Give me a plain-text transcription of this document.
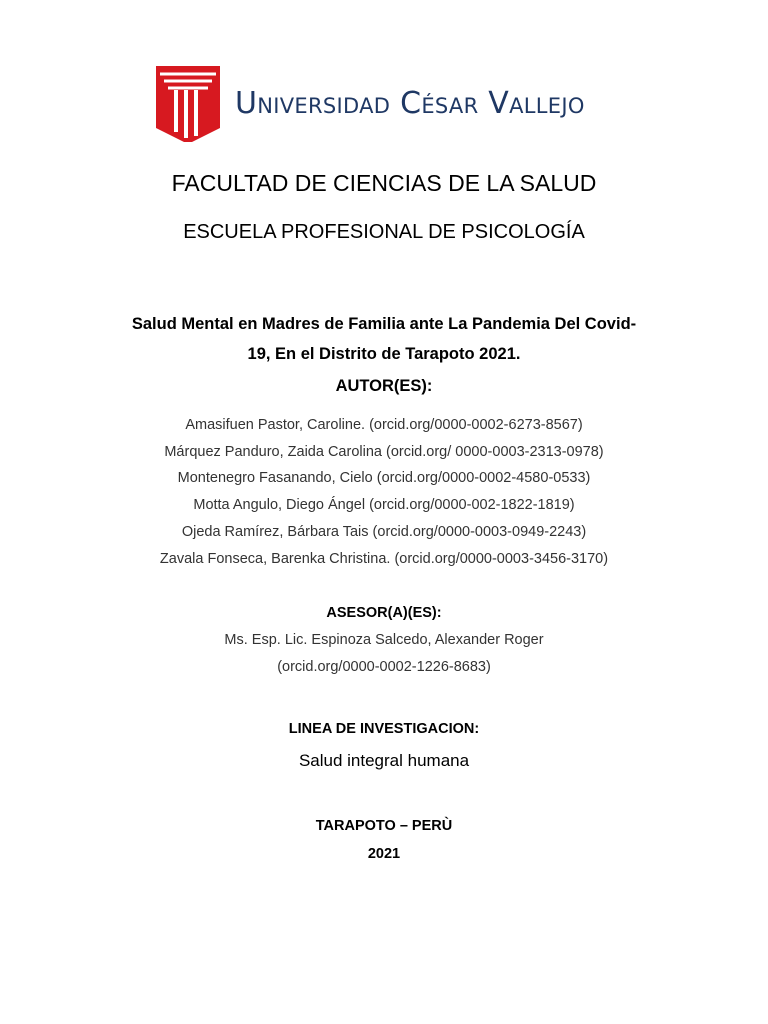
Universidad César Vallejo
FACULTAD DE CIENCIAS DE LA SALUD
ESCUELA PROFESIONAL DE PSICOLOGÍA
Salud Mental en Madres de Familia ante La Pandemia Del Covid-
19, En el Distrito de Tarapoto 2021.
AUTOR(ES):
Amasifuen Pastor, Caroline. (orcid.org/0000-0002-6273-8567)
Márquez Panduro, Zaida Carolina (orcid.org/ 0000-0003-2313-0978)
Montenegro Fasanando, Cielo (orcid.org/0000-0002-4580-0533)
Motta Angulo, Diego Ángel (orcid.org/0000-002-1822-1819)
Ojeda Ramírez, Bárbara Tais (orcid.org/0000-0003-0949-2243)
Zavala Fonseca, Barenka Christina. (orcid.org/0000-0003-3456-3170)
ASESOR(A)(ES):
Ms. Esp. Lic. Espinoza Salcedo, Alexander Roger
(orcid.org/0000-0002-1226-8683)
LINEA DE INVESTIGACION:
Salud integral humana
TARAPOTO – PERÙ
2021
